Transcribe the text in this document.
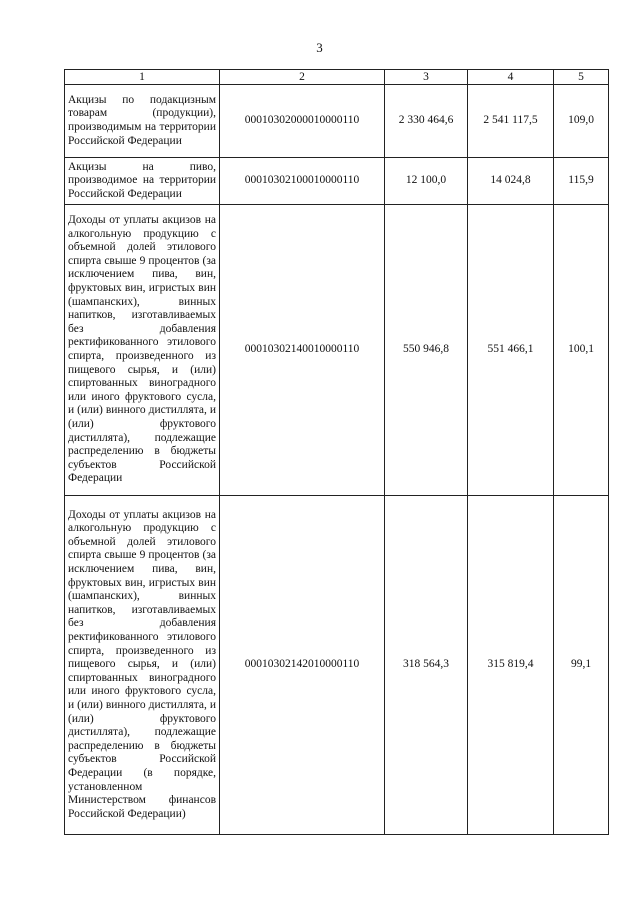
3
1	2	3	4	5
Акцизы по подакцизным товарам (продукции), производимым на территории Российской Федерации	00010302000010000110	2 330 464,6	2 541 117,5	109,0
Акцизы на пиво, производимое на территории Российской Федерации	00010302100010000110	12 100,0	14 024,8	115,9
Доходы от уплаты акцизов на алкогольную продукцию с объемной долей этилового спирта свыше 9 процентов (за исключением пива, вин, фруктовых вин, игристых вин (шампанских), винных напитков, изготавливаемых без добавления ректификованного этилового спирта, произведенного из пищевого сырья, и (или) спиртованных виноградного или иного фруктового сусла, и (или) винного дистиллята, и (или) фруктового дистиллята), подлежащие распределению в бюджеты субъектов Российской Федерации	00010302140010000110	550 946,8	551 466,1	100,1
Доходы от уплаты акцизов на алкогольную продукцию с объемной долей этилового спирта свыше 9 процентов (за исключением пива, вин, фруктовых вин, игристых вин (шампанских), винных напитков, изготавливаемых без добавления ректификованного этилового спирта, произведенного из пищевого сырья, и (или) спиртованных виноградного или иного фруктового сусла, и (или) винного дистиллята, и (или) фруктового дистиллята), подлежащие распределению в бюджеты субъектов Российской Федерации (в порядке, установленном Министерством финансов Российской Федерации)	00010302142010000110	318 564,3	315 819,4	99,1
